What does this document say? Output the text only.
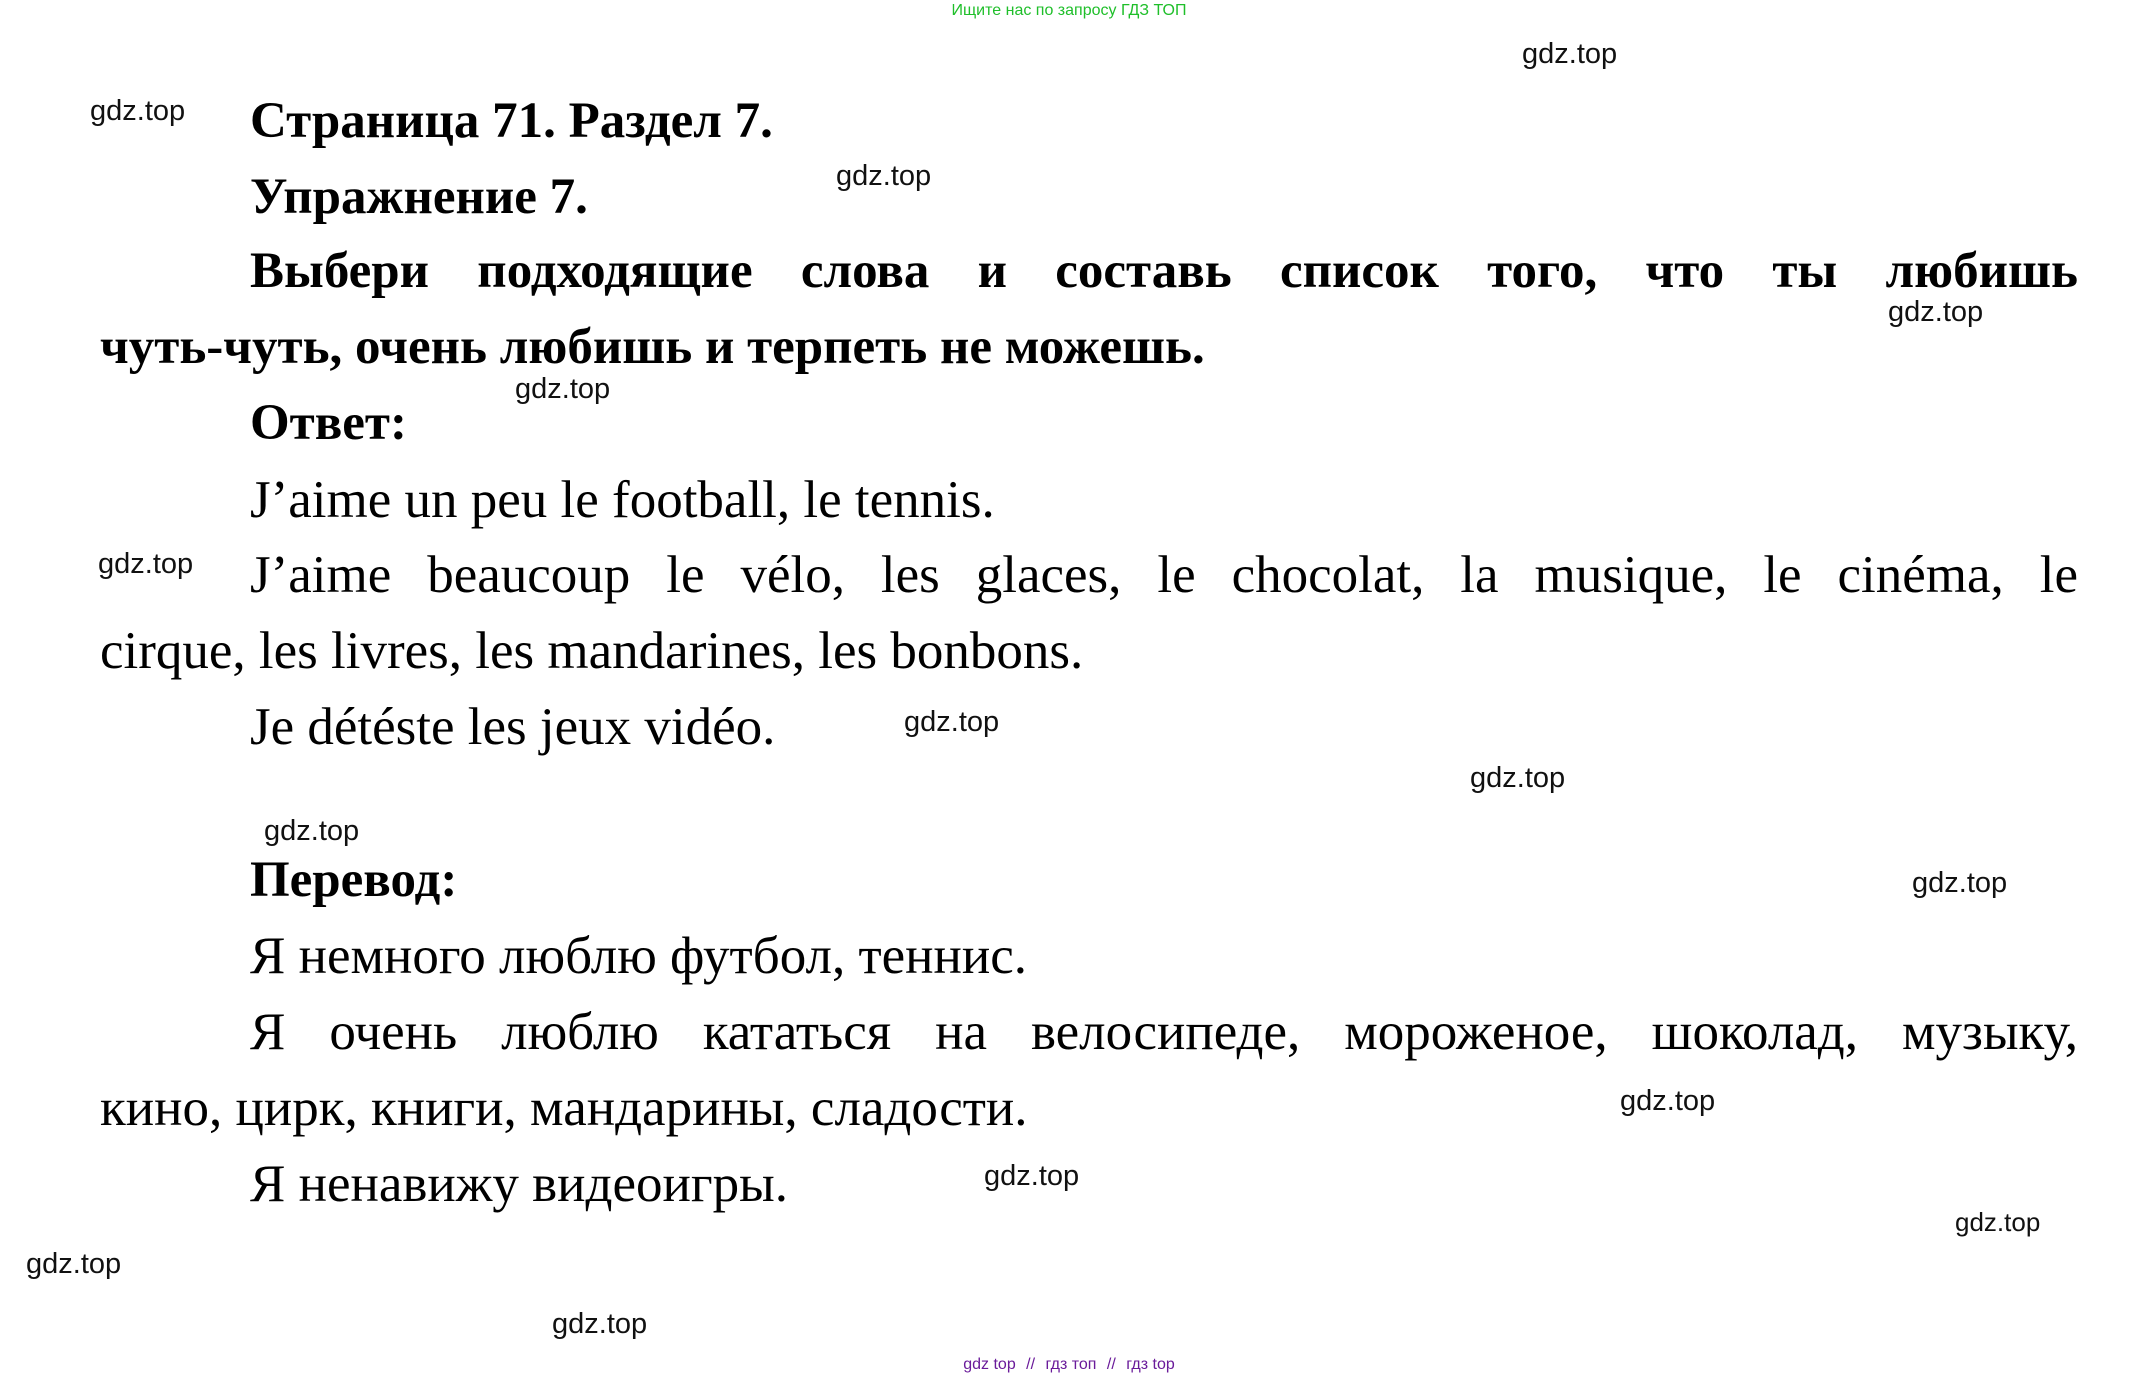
Ищите нас по запросу ГДЗ ТОП
Страница 71. Раздел 7.
Упражнение 7.
Выбери подходящие слова и составь список того, что ты любишь
чуть-чуть, очень любишь и терпеть не можешь.
Ответ:
J’aime un peu le football, le tennis.
J’aime beaucoup le vélo, les glaces, le chocolat, la musique, le cinéma, le
cirque, les livres, les mandarines, les bonbons.
Je détéste les jeux vidéo.
Перевод:
Я немного люблю футбол, теннис.
Я очень люблю кататься на велосипеде, мороженое, шоколад, музыку,
кино, цирк, книги, мандарины, сладости.
Я ненавижу видеоигры.
gdz.top
gdz.top
gdz.top
gdz.top
gdz.top
gdz.top
gdz.top
gdz.top
gdz.top
gdz.top
gdz.top
gdz.top
gdz.top
gdz.top
gdz.top
gdz top // гдз топ // гдз top
